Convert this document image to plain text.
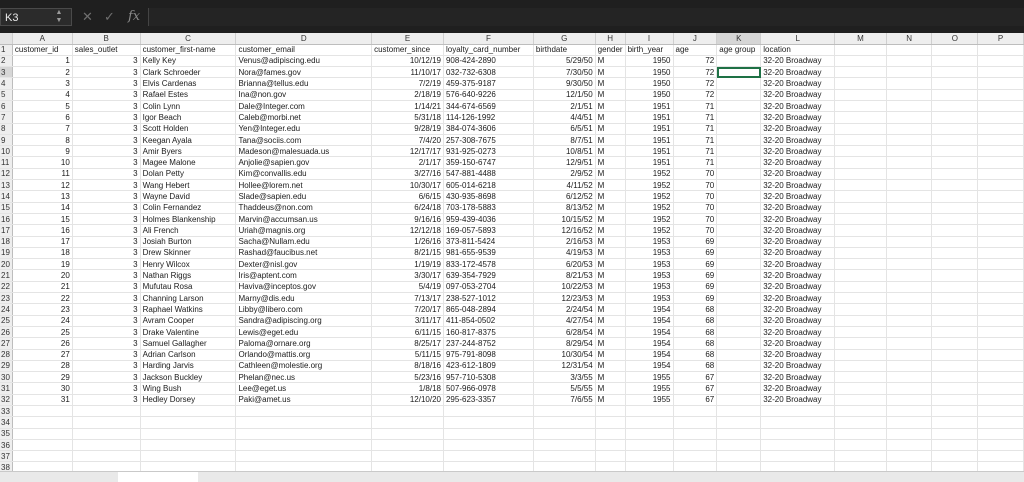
K3	▲
▼ ✕ ✓ fx
	A	B	C	D	E	F	G	H	I	J	K	L	M	N	O	P
1	customer_id	sales_outlet	customer_first-name	customer_email	customer_since	loyalty_card_number	birthdate	gender	birth_year	age	age group	location				
2	1	3	Kelly Key	Venus@adipiscing.edu	10/12/19	908-424-2890	5/29/50	M	1950	72		32-20 Broadway				
3	2	3	Clark Schroeder	Nora@fames.gov	11/10/17	032-732-6308	7/30/50	M	1950	72		32-20 Broadway				
4	3	3	Elvis Cardenas	Brianna@tellus.edu	7/2/19	459-375-9187	9/30/50	M	1950	72		32-20 Broadway				
5	4	3	Rafael Estes	Ina@non.gov	2/18/19	576-640-9226	12/1/50	M	1950	72		32-20 Broadway				
6	5	3	Colin Lynn	Dale@Integer.com	1/14/21	344-674-6569	2/1/51	M	1951	71		32-20 Broadway				
7	6	3	Igor Beach	Caleb@morbi.net	5/31/18	114-126-1992	4/4/51	M	1951	71		32-20 Broadway				
8	7	3	Scott Holden	Yen@Integer.edu	9/28/19	384-074-3606	6/5/51	M	1951	71		32-20 Broadway				
9	8	3	Keegan Ayala	Tana@sociis.com	7/4/20	257-308-7675	8/7/51	M	1951	71		32-20 Broadway				
10	9	3	Amir Byers	Madeson@malesuada.us	12/17/17	931-925-0273	10/8/51	M	1951	71		32-20 Broadway				
11	10	3	Magee Malone	Anjolie@sapien.gov	2/1/17	359-150-6747	12/9/51	M	1951	71		32-20 Broadway				
12	11	3	Dolan Petty	Kim@convallis.edu	3/27/16	547-881-4488	2/9/52	M	1952	70		32-20 Broadway				
13	12	3	Wang Hebert	Hollee@lorem.net	10/30/17	605-014-6218	4/11/52	M	1952	70		32-20 Broadway				
14	13	3	Wayne David	Slade@sapien.edu	6/6/15	430-935-8698	6/12/52	M	1952	70		32-20 Broadway				
15	14	3	Colin Fernandez	Thaddeus@non.com	6/24/18	703-178-5883	8/13/52	M	1952	70		32-20 Broadway				
16	15	3	Holmes Blankenship	Marvin@accumsan.us	9/16/16	959-439-4036	10/15/52	M	1952	70		32-20 Broadway				
17	16	3	Ali French	Uriah@magnis.org	12/12/18	169-057-5893	12/16/52	M	1952	70		32-20 Broadway				
18	17	3	Josiah Burton	Sacha@Nullam.edu	1/26/16	373-811-5424	2/16/53	M	1953	69		32-20 Broadway				
19	18	3	Drew Skinner	Rashad@faucibus.net	8/21/15	981-655-9539	4/19/53	M	1953	69		32-20 Broadway				
20	19	3	Henry Wilcox	Dexter@nisl.gov	1/19/19	833-172-4578	6/20/53	M	1953	69		32-20 Broadway				
21	20	3	Nathan Riggs	Iris@aptent.com	3/30/17	639-354-7929	8/21/53	M	1953	69		32-20 Broadway				
22	21	3	Mufutau Rosa	Haviva@inceptos.gov	5/4/19	097-053-2704	10/22/53	M	1953	69		32-20 Broadway				
23	22	3	Channing Larson	Marny@dis.edu	7/13/17	238-527-1012	12/23/53	M	1953	69		32-20 Broadway				
24	23	3	Raphael Watkins	Libby@libero.com	7/20/17	865-048-2894	2/24/54	M	1954	68		32-20 Broadway				
25	24	3	Avram Cooper	Sandra@adipiscing.org	3/11/17	411-854-0502	4/27/54	M	1954	68		32-20 Broadway				
26	25	3	Drake Valentine	Lewis@eget.edu	6/11/15	160-817-8375	6/28/54	M	1954	68		32-20 Broadway				
27	26	3	Samuel Gallagher	Paloma@ornare.org	8/25/17	237-244-8752	8/29/54	M	1954	68		32-20 Broadway				
28	27	3	Adrian Carlson	Orlando@mattis.org	5/11/15	975-791-8098	10/30/54	M	1954	68		32-20 Broadway				
29	28	3	Harding Jarvis	Cathleen@molestie.org	8/18/16	423-612-1809	12/31/54	M	1954	68		32-20 Broadway				
30	29	3	Jackson Buckley	Phelan@nec.us	5/23/16	957-710-5308	3/3/55	M	1955	67		32-20 Broadway				
31	30	3	Wing Bush	Lee@eget.us	1/8/18	507-966-0978	5/5/55	M	1955	67		32-20 Broadway				
32	31	3	Hedley Dorsey	Paki@amet.us	12/10/20	295-623-3357	7/6/55	M	1955	67		32-20 Broadway				
33																
34																
35																
36																
37																
38																
